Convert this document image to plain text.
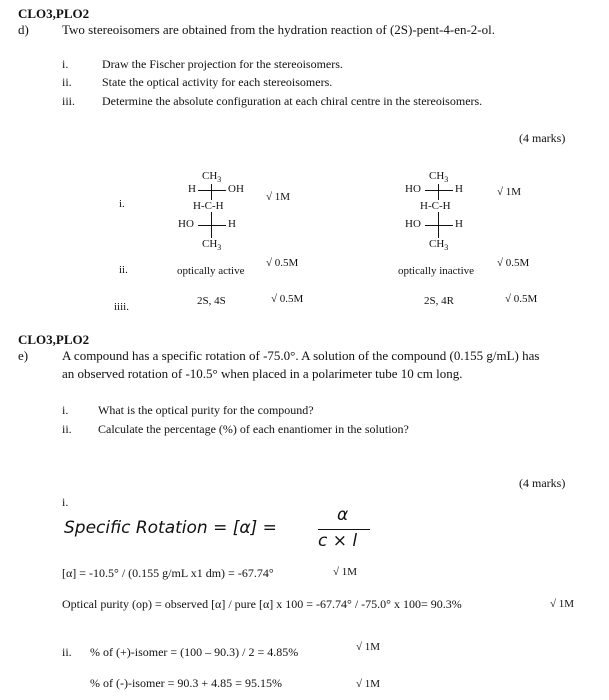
CLO3,PLO2
d)	Two stereoisomers are obtained from the hydration reaction of (2S)-pent-4-en-2-ol.
i.	Draw the Fischer projection for the stereoisomers.
ii.	State the optical activity for each stereoisomers.
iii. Determine the absolute configuration at each chiral centre in the stereoisomers.
(4 marks)
i.
$CH_3$
H	OH
H-C-H
HO	H
$CH_3$
√ 1M
$CH_3$
HO	H
H-C-H
HO	H
$CH_3$
√ 1M
ii.	optically active
√ 0.5M
optically inactive
√ 0.5M
iiii.	2S, 4S	√ 0.5M	2S, 4R	√ 0.5M
CLO3,PLO2
e)	A compound has a specific rotation of -75.0°. A solution of the compound (0.155 g/mL) has
an observed rotation of -10.5° when placed in a polarimeter tube 10 cm long.
i. What is the optical purity for the compound?
ii. Calculate the percentage (%) of each enantiomer in the solution?
(4 marks)
i.
Specific Rotation = [α] =
α
c × l
[α] = -10.5° / (0.155 g/mL x1 dm) = -67.74°	√ 1M
Optical purity (op) = observed [α] / pure [α] x 100 = -67.74° / -75.0° x 100= 90.3%	√ 1M
ii. % of (+)-isomer = (100 – 90.3) / 2 = 4.85%	√ 1M
% of (-)-isomer = 90.3 + 4.85 = 95.15%	√ 1M
